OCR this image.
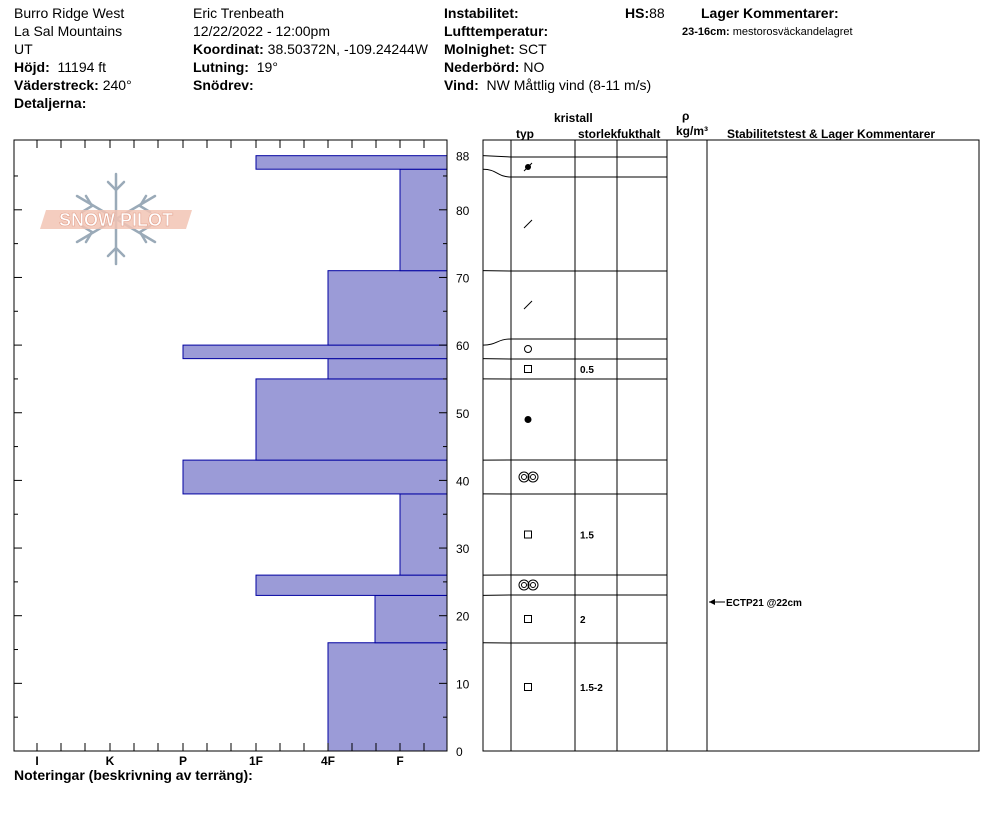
Burro Ridge West
La Sal Mountains
UT
Höjd: 11194 ft
Väderstreck: 240°
Detaljerna:
Eric Trenbeath
12/22/2022 - 12:00pm
Koordinat: 38.50372N, -109.24244W
Lutning: 19°
Snödrev:
Instabilitet:
Lufttemperatur:
Molnighet: SCT
Nederbörd: NO
Vind: NW Måttlig vind (8-11 m/s)
HS:88	Lager Kommentarer:
23-16cm: mestorosväckandelagret
kristall
typ	storlek fukthalt
ρ
kg/m³ Stabilitetstest & Lager Kommentarer
Noteringar (beskrivning av terräng):
SNOW PILOT
0
10
20
30
40
50
60
70
80
88
I	K	P	1F	4F	F
1.5-2
2
1.5
0.5
ECTP21 @22cm
